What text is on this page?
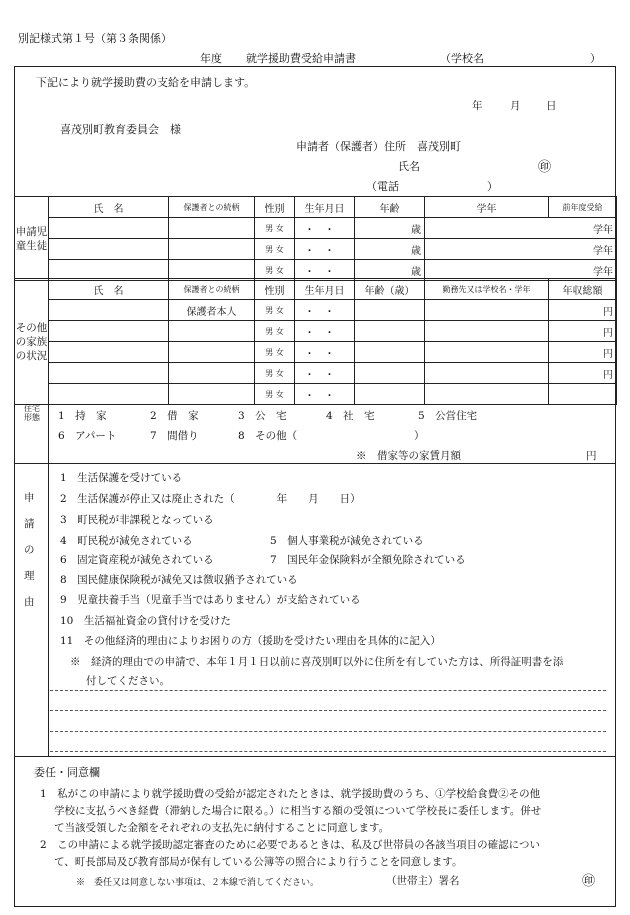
別記様式第１号（第３条関係）
年度 就学援助費受給申請書	（学校名	）
下記により就学援助費の支給を申請します。
年	月 日
喜茂別町教育委員会　様
申請者（保護者）住所　喜茂別町
氏名	㊞
（電話　　　　　　　　）
申請児童生徒	氏　名	保護者との続柄	性別	生年月日	年齢	学年	前年度受給	
			男 女	・・	歳	学年	
			男 女	・・	歳	学年	
			男 女	・・	歳	学年	
その他の家族の状況	氏　名	保護者との続柄	性別	生年月日	年齢（歳）	勤務先又は学校名・学年	年収総額
		保護者本人	男 女	・・			円
			男 女	・・			円
			男 女	・・			円
			男 女	・・			円
			男 女	・・			
住宅形態 1　持　家	2　借　家	3　公　宅	4　社　宅	5　公営住宅
6　アパート	7　間借り	8　その他（	）
※　借家等の家賃月額	円
申
請
の
理
由
1　生活保護を受けている
2　生活保護が停止又は廃止された（　　　　年　　月　　日）
3　町民税が非課税となっている
4　町民税が減免されている	5　個人事業税が減免されている
6　固定資産税が減免されている	7　国民年金保険料が全額免除されている
8　国民健康保険税が減免又は徴収猶予されている
9　児童扶養手当（児童手当ではありません）が支給されている
10　生活福祉資金の貸付けを受けた
11　その他経済的理由によりお困りの方（援助を受けたい理由を具体的に記入）
※　経済的理由での申請で、本年１月１日以前に喜茂別町以外に住所を有していた方は、所得証明書を添
付してください。
委任・同意欄
1　私がこの申請により就学援助費の受給が認定されたときは、就学援助費のうち、①学校給食費②その他
学校に支払うべき経費（滞納した場合に限る。）に相当する額の受領について学校長に委任します。併せ
て当該受領した金額をそれぞれの支払先に納付することに同意します。
2　この申請による就学援助認定審査のために必要であるときは、私及び世帯員の各該当項目の確認につい
て、町長部局及び教育部局が保有している公簿等の照合により行うことを同意します。
※　委任又は同意しない事項は、２本線で消してください。	（世帯主）署名	㊞
